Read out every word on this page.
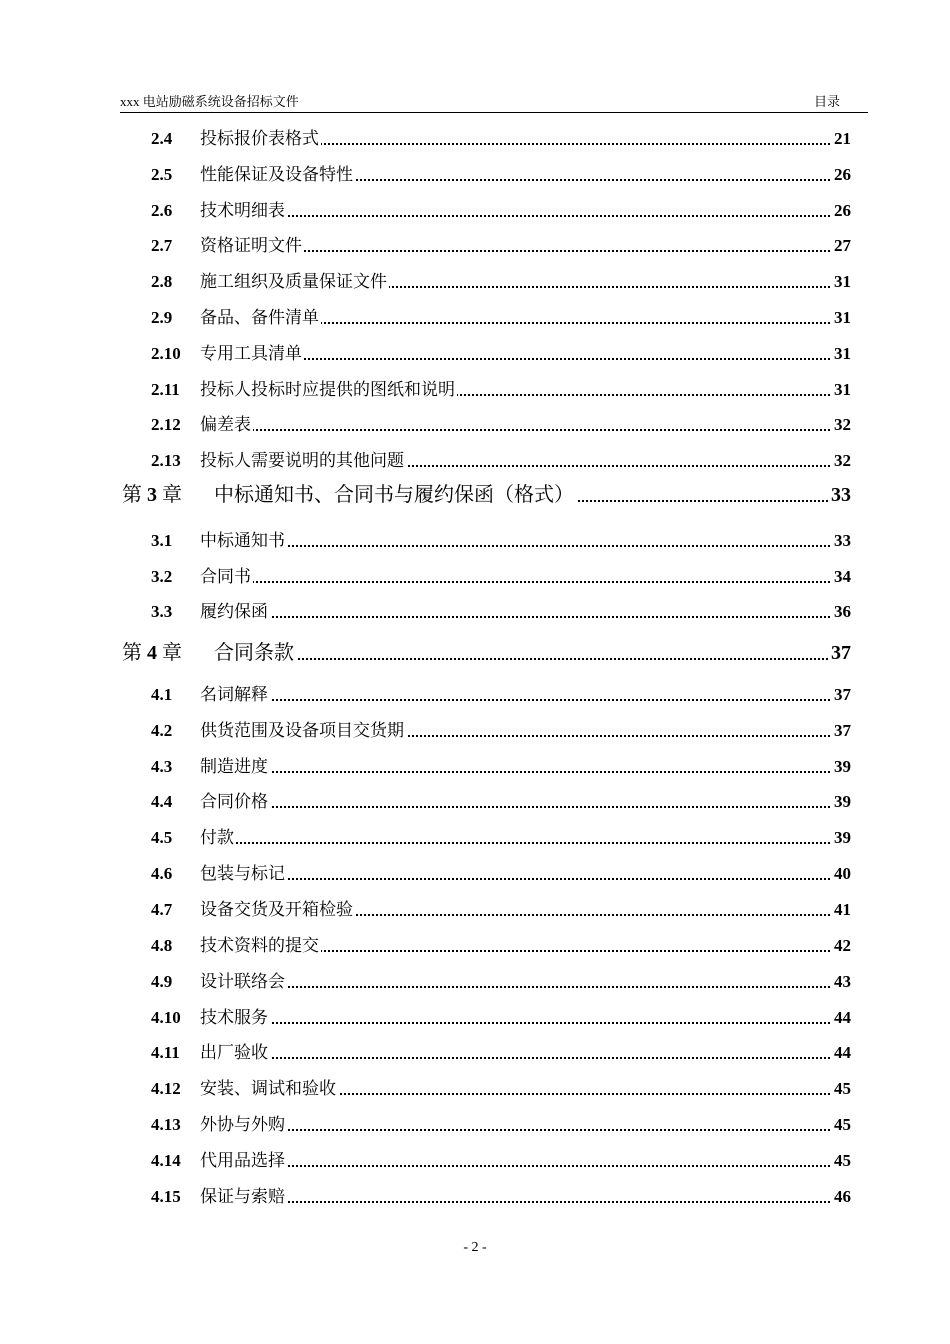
xxx 电站励磁系统设备招标文件	目录
2.4 投标报价表格式	21
2.5 性能保证及设备特性	26
2.6 技术明细表	26
2.7 资格证明文件	27
2.8 施工组织及质量保证文件	31
2.9 备品、备件清单	31
2.10 专用工具清单	31
2.11 投标人投标时应提供的图纸和说明	31
2.12 偏差表	32
2.13 投标人需要说明的其他问题	32
第 3 章 中标通知书、合同书与履约保函（格式）	33
3.1 中标通知书	33
3.2 合同书	34
3.3 履约保函	36
第 4 章 合同条款	37
4.1 名词解释	37
4.2 供货范围及设备项目交货期	37
4.3 制造进度	39
4.4 合同价格	39
4.5 付款	39
4.6 包装与标记	40
4.7 设备交货及开箱检验	41
4.8 技术资料的提交	42
4.9 设计联络会	43
4.10 技术服务	44
4.11 出厂验收	44
4.12 安装、调试和验收	45
4.13 外协与外购	45
4.14 代用品选择	45
4.15 保证与索赔	46
- 2 -
